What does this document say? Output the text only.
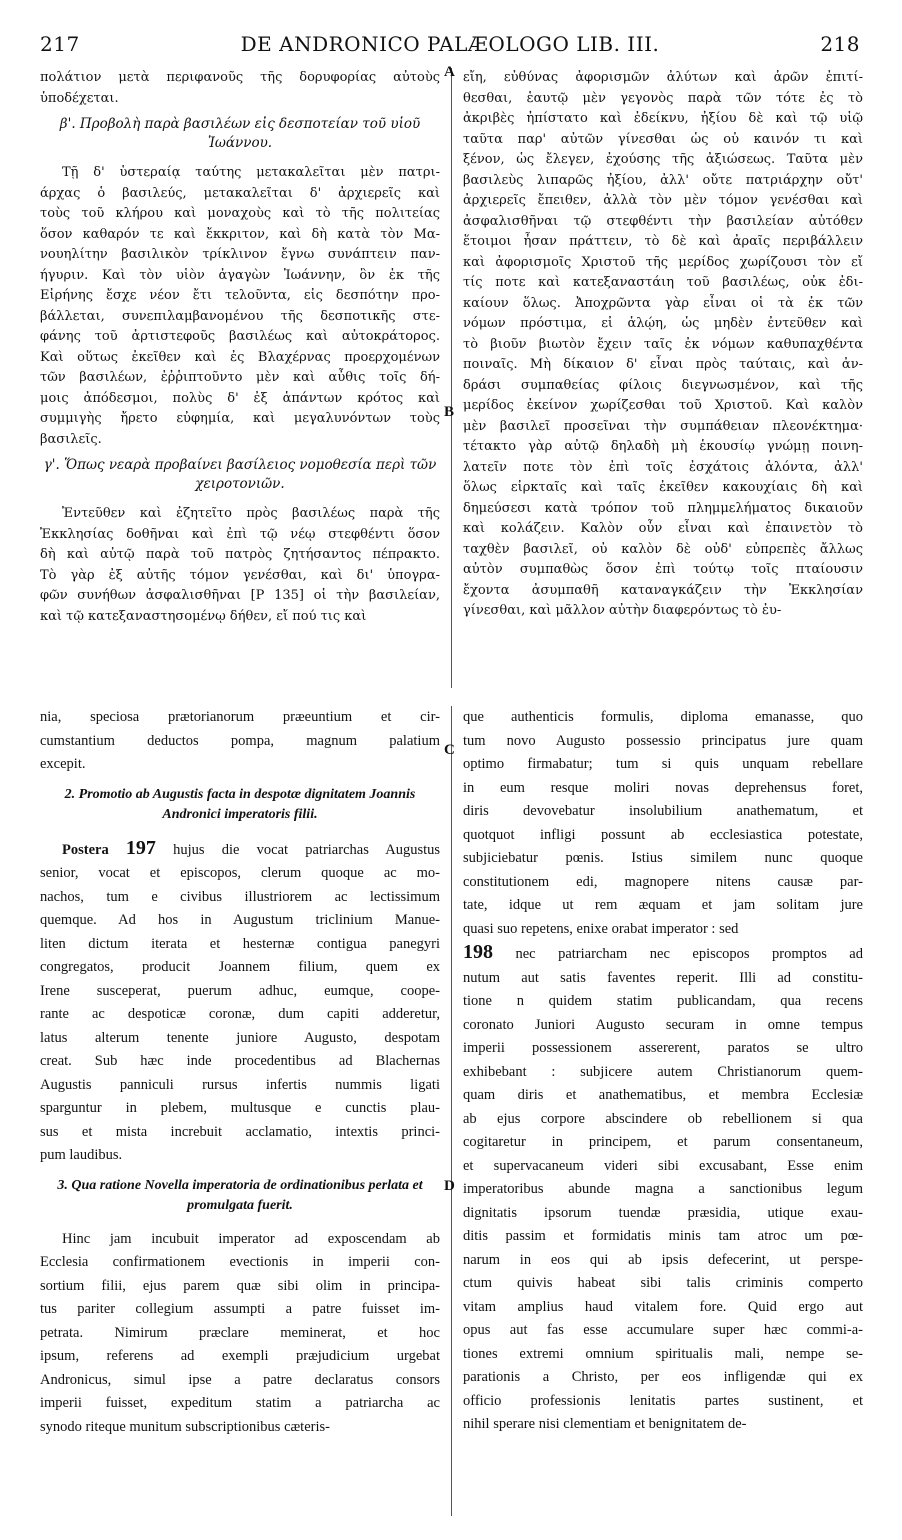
217	DE ANDRONICO PALÆOLOGO LIB. III.	218
πολάτιον μετὰ περιφανοῦς τῆς δορυφορίας αὐτοὺς
ὑποδέχεται.
β'. Προβολὴ παρὰ βασιλέων εἰς δεσποτείαν τοῦ υἱοῦ Ἰωάννου.
Τῇ δ' ὑστεραίᾳ ταύτης μετακαλεῖται μὲν πατρι-
άρχας ὁ βασιλεύς, μετακαλεῖται δ' ἀρχιερεῖς καὶ
τοὺς τοῦ κλήρου καὶ μοναχοὺς καὶ τὸ τῆς πολιτείας
ὅσον καθαρόν τε καὶ ἔκκριτον, καὶ δὴ κατὰ τὸν Μα-
νουηλίτην βασιλικὸν τρίκλινον ἔγνω συνάπτειν παν-
ήγυριν. Καὶ τὸν υἱὸν ἀγαγὼν Ἰωάννην, ὃν ἐκ τῆς
Εἰρήνης ἔσχε νέον ἔτι τελοῦντα, εἰς δεσπότην προ-
βάλλεται, συνεπιλαμβανομένου τῆς δεσποτικῆς στε-
φάνης τοῦ ἀρτιστεφοῦς βασιλέως καὶ αὐτοκράτορος.
Καὶ οὕτως ἐκεῖθεν καὶ ἐς Βλαχέρνας προερχομένων
τῶν βασιλέων, ἐῤῥιπτοῦντο μὲν καὶ αὖθις τοῖς δή-
μοις ἀπόδεσμοι, πολὺς δ' ἐξ ἁπάντων κρότος καὶ
συμμιγὴς ἤρετο εὐφημία, καὶ μεγαλυνόντων τοὺς
βασιλεῖς.
γ'. Ὅπως νεαρὰ προβαίνει βασίλειος νομοθεσία περὶ τῶν χειροτονιῶν.
Ἐντεῦθεν καὶ ἐζητεῖτο πρὸς βασιλέως παρὰ τῆς
Ἐκκλησίας δοθῆναι καὶ ἐπὶ τῷ νέῳ στεφθέντι ὅσον
δὴ καὶ αὐτῷ παρὰ τοῦ πατρὸς ζητήσαντος πέπρακτο.
Τὸ γὰρ ἐξ αὐτῆς τόμον γενέσθαι, καὶ δι' ὑπογρα-
φῶν συνήθων ἀσφαλισθῆναι [P 135] οἱ τὴν βασιλείαν,
καὶ τῷ κατεξαναστησομένῳ δήθεν, εἴ πού τις καὶ
εἴη, εὐθύνας ἀφορισμῶν ἀλύτων καὶ ἀρῶν ἐπιτί-
θεσθαι, ἑαυτῷ μὲν γεγονὸς παρὰ τῶν τότε ἐς τὸ
ἀκριβὲς ἠπίστατο καὶ ἐδείκνυ, ἠξίου δὲ καὶ τῷ υἱῷ
ταῦτα παρ' αὐτῶν γίνεσθαι ὡς οὐ καινόν τι καὶ
ξένον, ὡς ἔλεγεν, ἐχούσης τῆς ἀξιώσεως. Ταῦτα μὲν
βασιλεὺς λιπαρῶς ἠξίου, ἀλλ' οὔτε πατριάρχην οὔτ'
ἀρχιερεῖς ἔπειθεν, ἀλλὰ τὸν μὲν τόμον γενέσθαι καὶ
ἀσφαλισθῆναι τῷ στεφθέντι τὴν βασιλείαν αὐτόθεν
ἕτοιμοι ἦσαν πράττειν, τὸ δὲ καὶ ἀραῖς περιβάλλειν
καὶ ἀφορισμοῖς Χριστοῦ τῆς μερίδος χωρίζουσι τὸν εἴ
τίς ποτε καὶ κατεξαναστάιη τοῦ βασιλέως, οὐκ ἐδι-
καίουν ὅλως. Ἀποχρῶντα γὰρ εἶναι οἱ τὰ ἐκ τῶν
νόμων πρόστιμα, εἰ ἁλῴη, ὡς μηδὲν ἐντεῦθεν καὶ
τὸ βιοῦν βιωτὸν ἔχειν ταῖς ἐκ νόμων καθυπαχθέντα
ποιναῖς. Μὴ δίκαιον δ' εἶναι πρὸς ταύταις, καὶ ἀν-
δράσι συμπαθείας φίλοις διεγνωσμένον, καὶ τῆς
μερίδος ἐκείνον χωρίζεσθαι τοῦ Χριστοῦ. Καὶ καλὸν
μὲν βασιλεῖ προσεῖναι τὴν συμπάθειαν πλεονέκτημα·
τέτακτο γὰρ αὐτῷ δηλαδὴ μὴ ἑκουσίῳ γνώμῃ ποινη-
λατεῖν ποτε τὸν ἐπὶ τοῖς ἐσχάτοις ἁλόντα, ἀλλ'
ὅλως εἰρκταῖς καὶ ταῖς ἐκεῖθεν κακουχίαις δὴ καὶ
δημεύσεσι κατὰ τρόπον τοῦ πλημμελήματος δικαιοῦν
καὶ κολάζειν. Καλὸν οὖν εἶναι καὶ ἐπαινετὸν τὸ
ταχθὲν βασιλεῖ, οὐ καλὸν δὲ οὐδ' εὐπρεπὲς ἄλλως
αὐτὸν συμπαθὼς ὅσον ἐπὶ τούτῳ τοῖς πταίουσιν
ἔχοντα ἀσυμπαθῆ καταναγκάζειν τὴν Ἐκκλησίαν
γίνεσθαι, καὶ μᾶλλον αὐτὴν διαφερόντως τὸ ἐυ-
nia, speciosa prætorianorum præeuntium et cir-
cumstantium deductos pompa, magnum palatium
excepit.
2. Promotio ab Augustis facta in despotæ dignitatem Joannis Andronici imperatoris filii.
Postera 197 hujus die vocat patriarchas Augustus
senior, vocat et episcopos, clerum quoque ac mo-
nachos, tum e civibus illustriorem ac lectissimum
quemque. Ad hos in Augustum triclinium Manue-
liten dictum iterata et hesternæ contigua panegyri
congregatos, producit Joannem filium, quem ex
Irene susceperat, puerum adhuc, eumque, coope-
rante ac despoticæ coronæ, dum capiti adderetur,
latus alterum tenente juniore Augusto, despotam
creat. Sub hæc inde procedentibus ad Blachernas
Augustis panniculi rursus infertis nummis ligati
sparguntur in plebem, multusque e cunctis plau-
sus et mista increbuit acclamatio, intextis princi-
pum laudibus.
3. Qua ratione Novella imperatoria de ordinationibus perlata et promulgata fuerit.
Hinc jam incubuit imperator ad exposcendam ab
Ecclesia confirmationem evectionis in imperii con-
sortium filii, ejus parem quæ sibi olim in principa-
tus pariter collegium assumpti a patre fuisset im-
petrata. Nimirum præclare meminerat, et hoc
ipsum, referens ad exempli præjudicium urgebat
Andronicus, simul ipse a patre declaratus consors
imperii fuisset, expeditum statim a patriarcha ac
synodo riteque munitum subscriptionibus cæteris-
que authenticis formulis, diploma emanasse, quo
tum novo Augusto possessio principatus jure quam
optimo firmabatur; tum si quis unquam rebellare
in eum resque moliri novas deprehensus foret,
diris devovebatur insolubilium anathematum, et
quotquot infligi possunt ab ecclesiastica potestate,
subjiciebatur pœnis. Istius similem nunc quoque
constitutionem edi, magnopere nitens causæ par-
tate, idque ut rem æquam et jam solitam jure
quasi suo repetens, enixe orabat imperator : sed
198 nec patriarcham nec episcopos promptos ad
nutum aut satis faventes reperit. Illi ad constitu-
tione n quidem statim publicandam, qua recens
coronato Juniori Augusto securam in omne tempus
imperii possessionem assererent, paratos se ultro
exhibebant : subjicere autem Christianorum quem-
quam diris et anathematibus, et membra Ecclesiæ
ab ejus corpore abscindere ob rebellionem si qua
cogitaretur in principem, et parum consentaneum,
et supervacaneum videri sibi excusabant, Esse enim
imperatoribus abunde magna a sanctionibus legum
dignitatis ipsorum tuendæ præsidia, utique exau-
ditis passim et formidatis minis tam atroc um pœ-
narum in eos qui ab ipsis defecerint, ut perspe-
ctum quivis habeat sibi talis criminis comperto
vitam amplius haud vitalem fore. Quid ergo aut
opus aut fas esse accumulare super hæc commi-a-
tiones extremi omnium spiritualis mali, nempe se-
parationis a Christo, per eos infligendæ qui ex
officio professionis lenitatis partes sustinent, et
nihil sperare nisi clementiam et benignitatem de-
A
B
C
D
